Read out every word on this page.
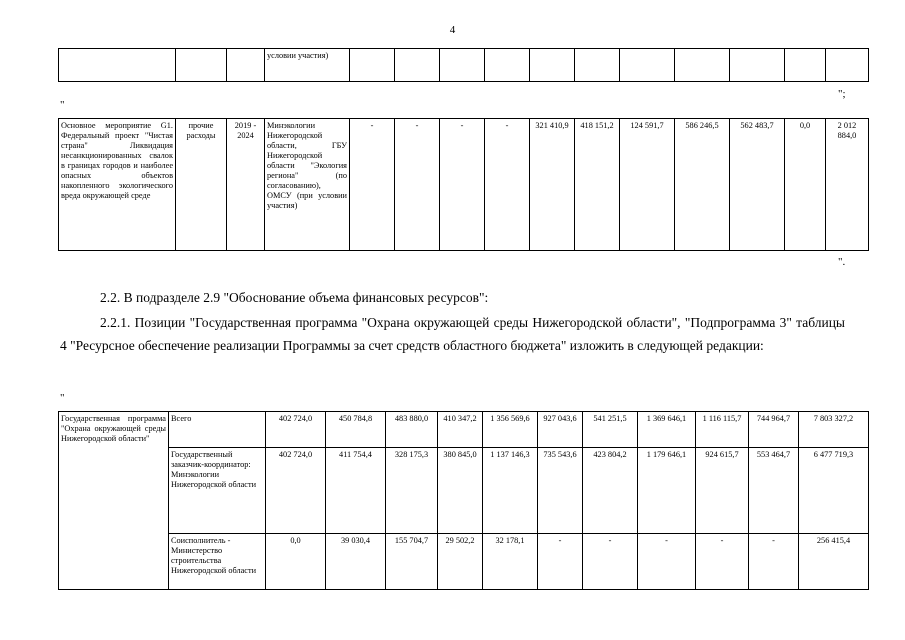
4
			условии участия)											
";
"
Основное мероприятие G1. Федеральный проект "Чистая страна" Ликвидация несанкционированных свалок в границах городов и наиболее опасных объектов накопленного экологического вреда окружающей среде	прочие расходы	2019 - 2024	Минэкологии Нижегородской области, ГБУ Нижегородской области "Экология региона" (по согласованию), ОМСУ (при условии участия)	-	-	-	-	321 410,9	418 151,2	124 591,7	586 246,5	562 483,7	0,0	2 012 884,0
".
2.2. В подразделе 2.9 "Обоснование объема финансовых ресурсов":
2.2.1. Позиции "Государственная программа "Охрана окружающей среды Нижегородской области", "Подпрограмма 3" таблицы 4 "Ресурсное обеспечение реализации Программы за счет средств областного бюджета" изложить в следующей редакции:
"
Государственная программа "Охрана окружающей среды Нижегородской области"	Всего	402 724,0	450 784,8	483 880,0	410 347,2	1 356 569,6	927 043,6	541 251,5	1 369 646,1	1 116 115,7	744 964,7	7 803 327,2
	Государственный заказчик-координатор: Минэкологии Нижегородской области	402 724,0	411 754,4	328 175,3	380 845,0	1 137 146,3	735 543,6	423 804,2	1 179 646,1	924 615,7	553 464,7	6 477 719,3
	Соисполнитель - Министерство строительства Нижегородской области	0,0	39 030,4	155 704,7	29 502,2	32 178,1	-	-	-	-	-	256 415,4
